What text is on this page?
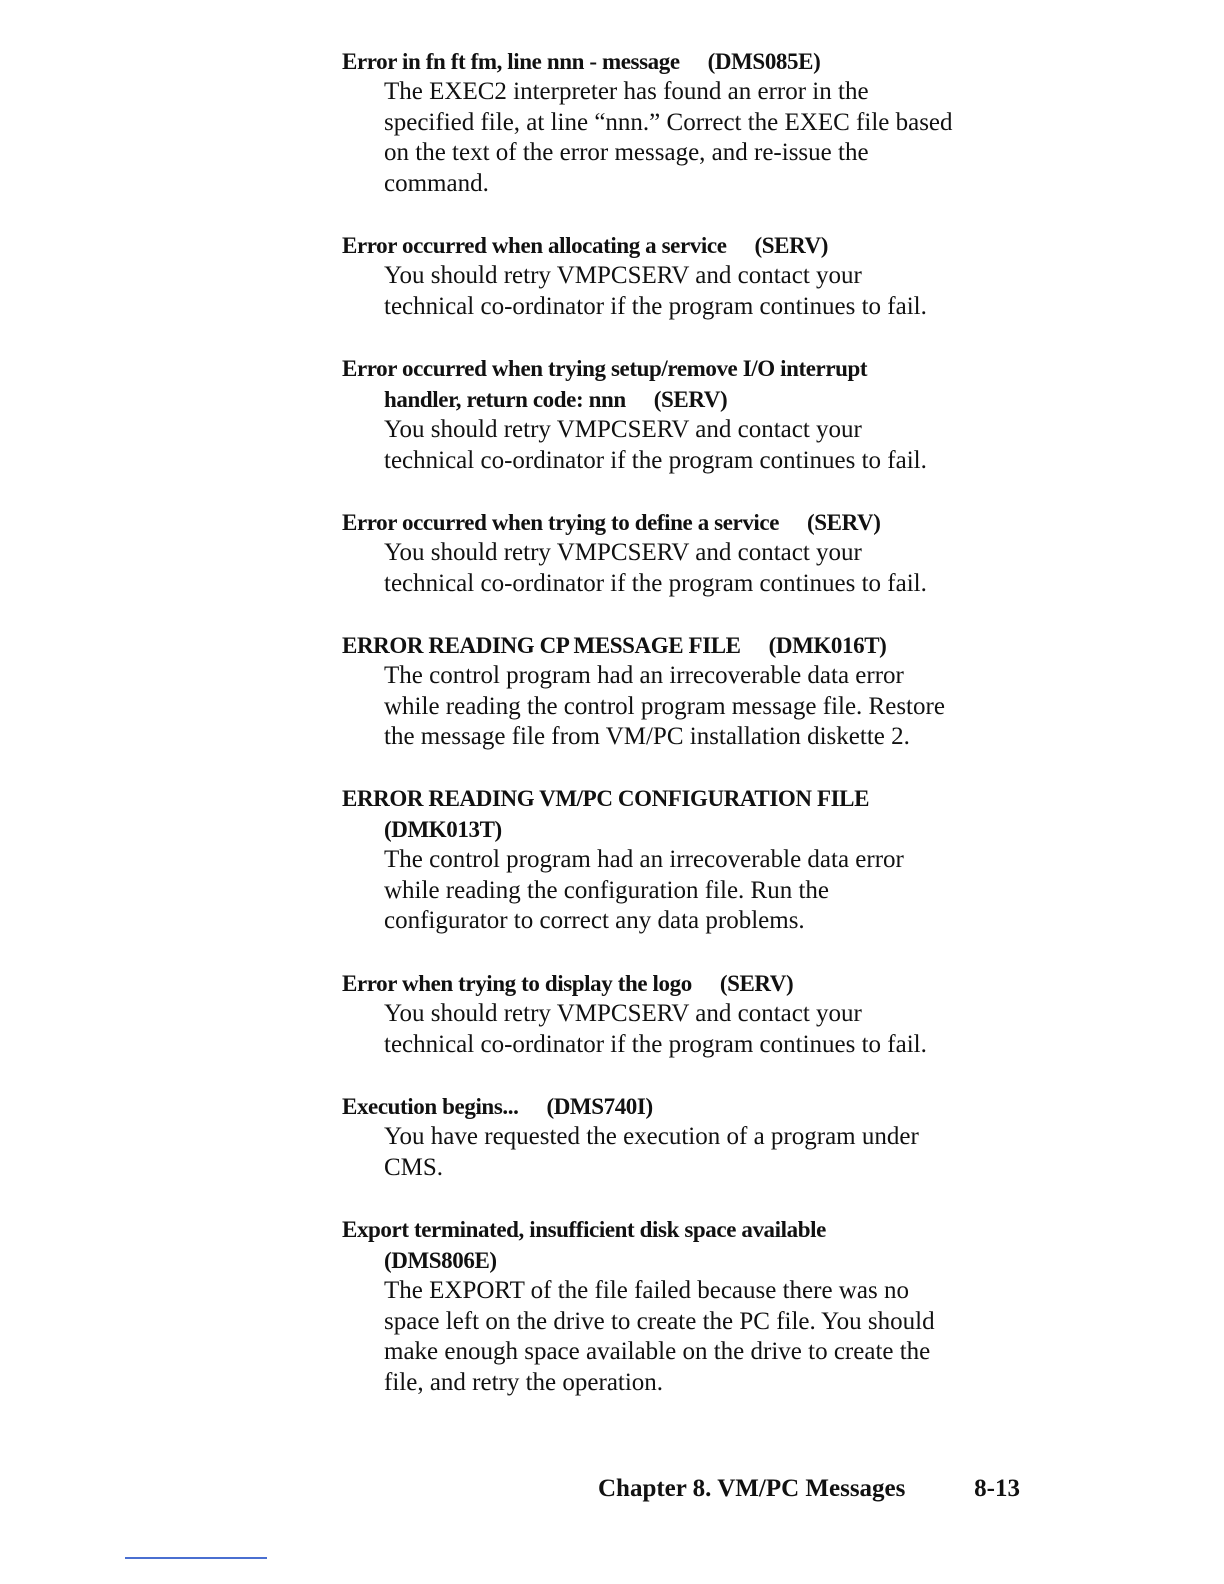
Error in fn ft fm, line nnn - message (DMS085E)

The EXEC2 interpreter has found an error in the
specified file, at line “nnn.” Correct the EXEC file based
on the text of the error message, and re-issue the
command.

Error occurred when allocating a service (SERV)

You should retry VMPCSERV and contact your
technical co-ordinator if the program continues to fail.

Error occurred when trying setup/remove I/O interrupt

handler, return code: nnn (SERV)

You should retry VMPCSERV and contact your
technical co-ordinator if the program continues to fail.

Error occurred when trying to define a service (SERV)

You should retry VMPCSERV and contact your
technical co-ordinator if the program continues to fail.

ERROR READING CP MESSAGE FILE (DMK016T)

The control program had an irrecoverable data error
while reading the control program message file. Restore
the message file from VM/PC installation diskette 2.

ERROR READING VM/PC CONFIGURATION FILE

(DMK013T)

The control program had an irrecoverable data error
while reading the configuration file. Run the
configurator to correct any data problems.

Error when trying to display the logo (SERV)

You should retry VMPCSERV and contact your
technical co-ordinator if the program continues to fail.

Execution begins... (DMS740I)

You have requested the execution of a program under
CMS.

Export terminated, insufficient disk space available

(DMS806E)

The EXPORT of the file failed because there was no
space left on the drive to create the PC file. You should
make enough space available on the drive to create the
file, and retry the operation.

Chapter 8. VM/PC Messages	8-13
